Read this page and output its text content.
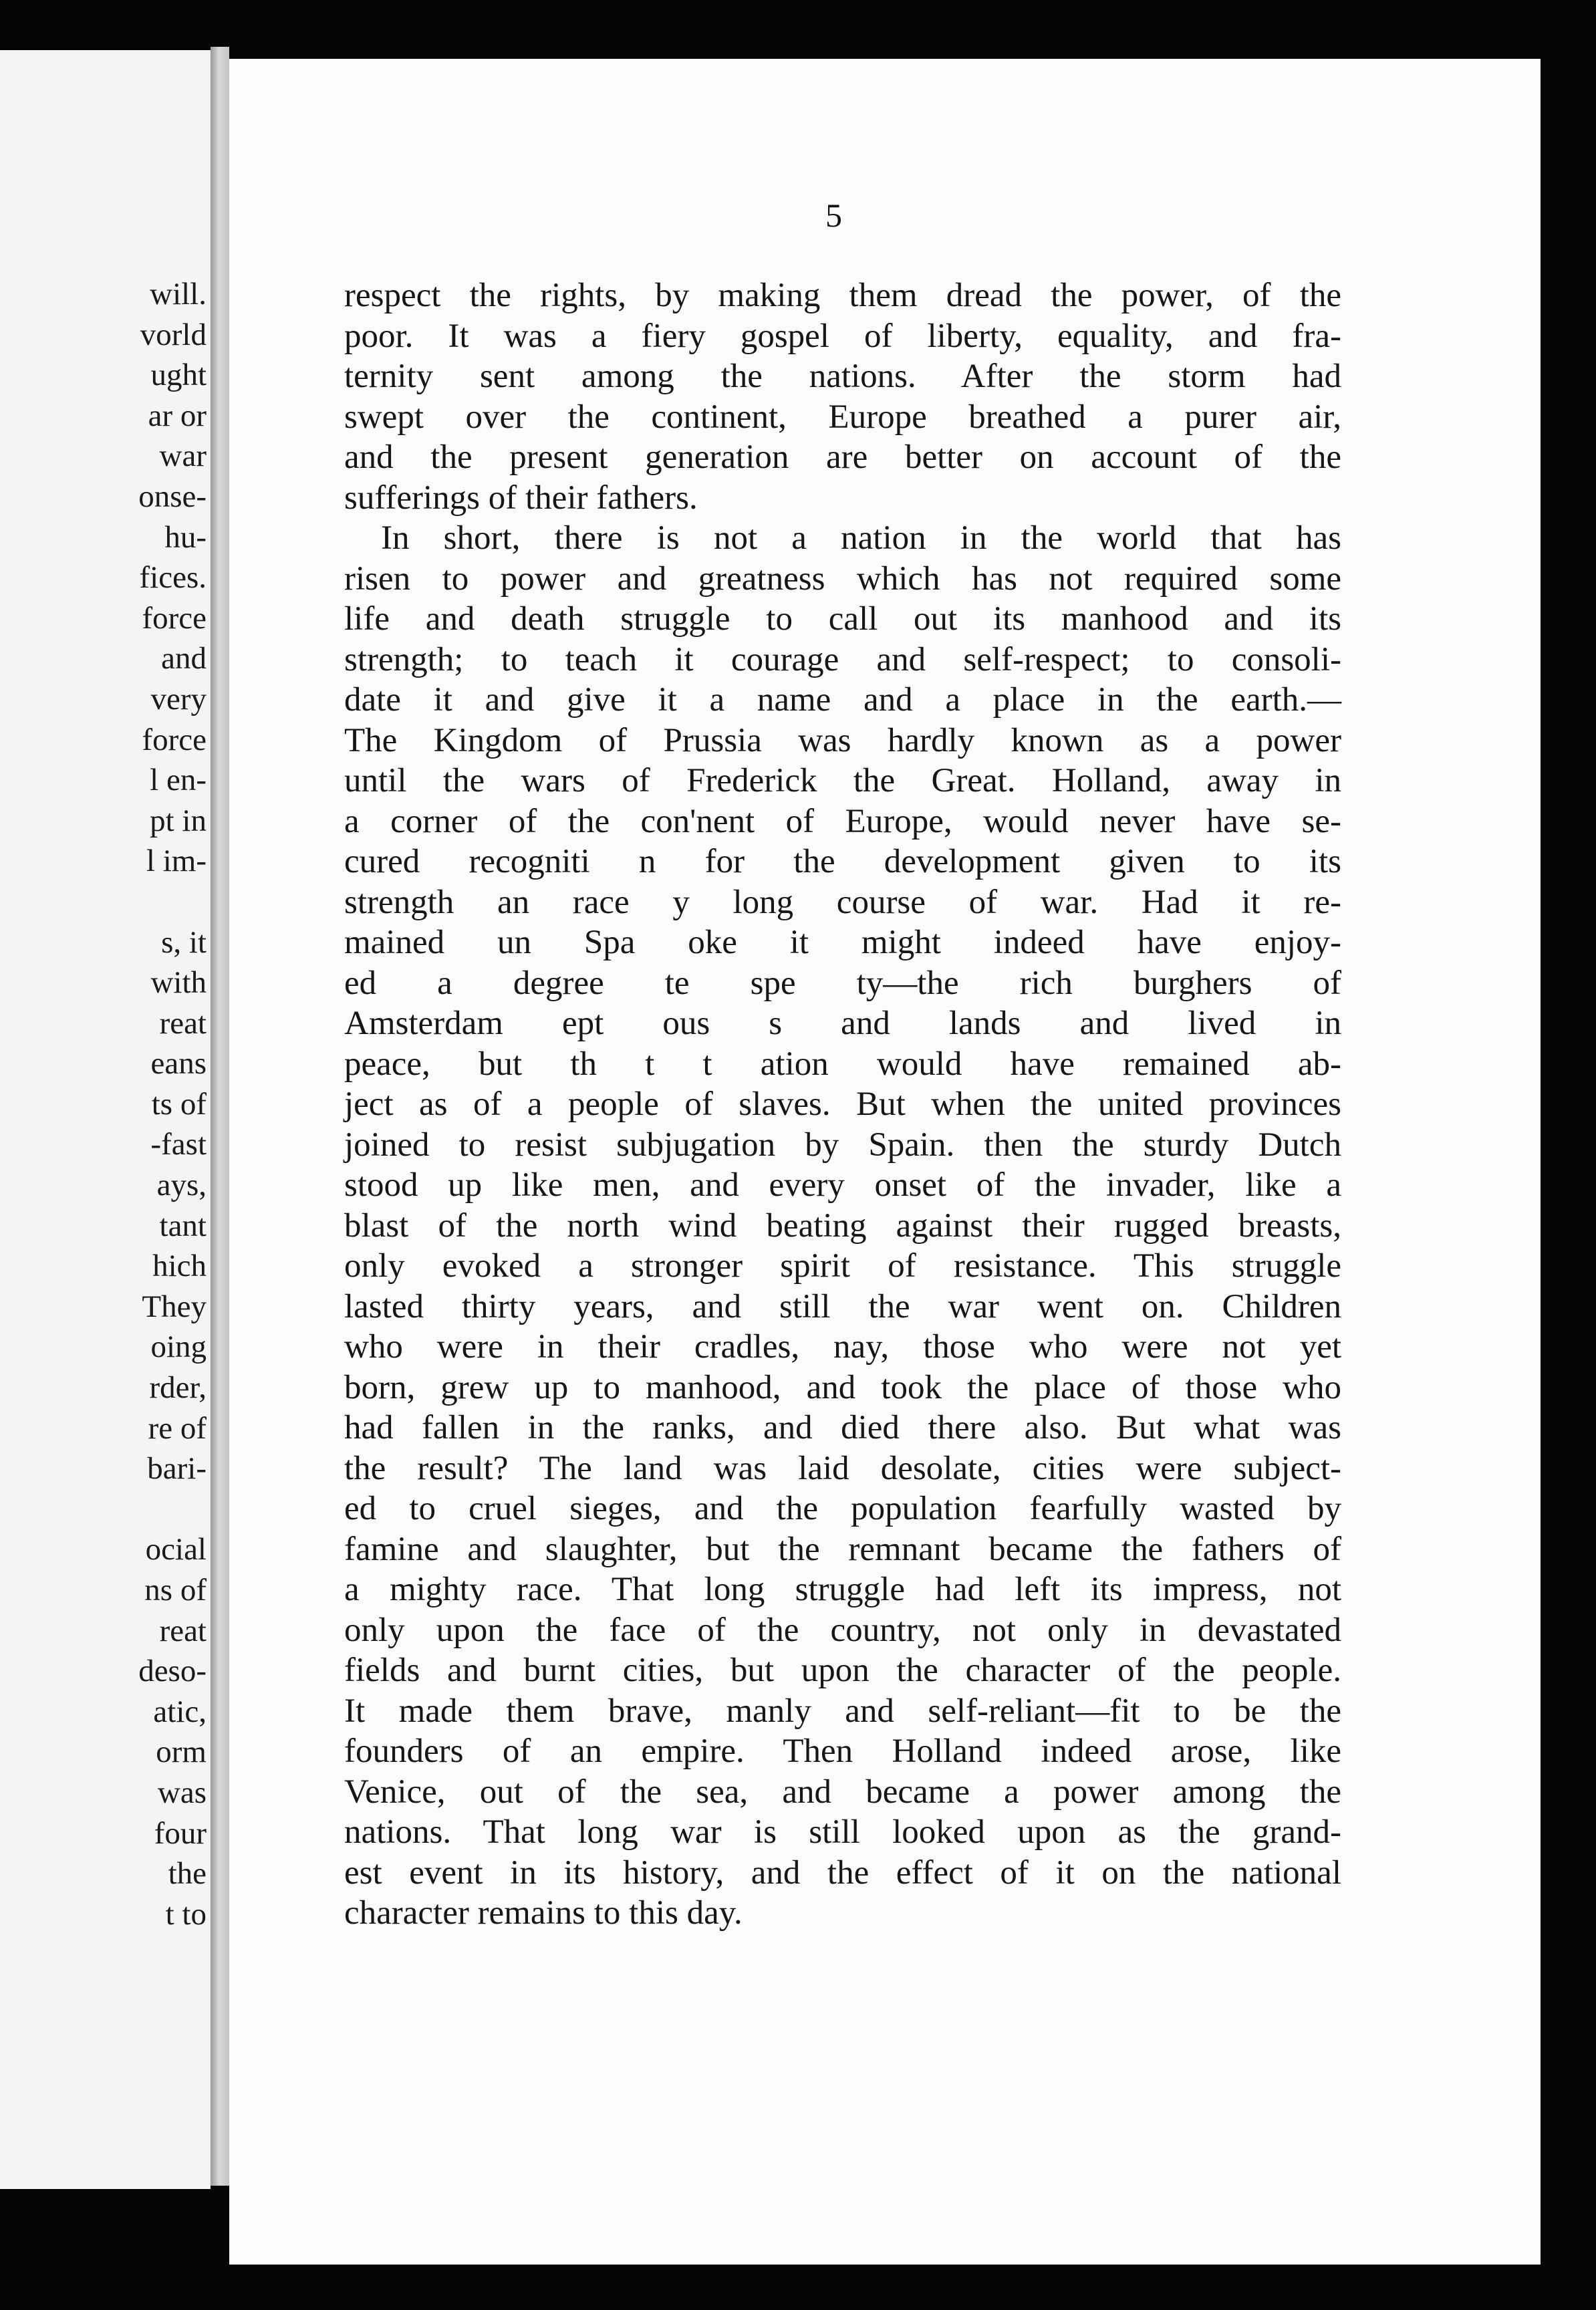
will.
vorld
ught
ar or
war
onse-
hu-
fices.
force
and
very
force
l en-
pt in
l im-
s, it
with
reat
eans
ts of
-fast
ays,
tant
hich
They
oing
rder,
re of
bari-
ocial
ns of
reat
deso-
atic,
orm
was
four
the
t to

5

respect the rights, by making them dread the power, of the
poor. It was a fiery gospel of liberty, equality, and fra-
ternity sent among the nations. After the storm had
swept over the continent, Europe breathed a purer air,
and the present generation are better on account of the
sufferings of their fathers.
In short, there is not a nation in the world that has
risen to power and greatness which has not required some
life and death struggle to call out its manhood and its
strength; to teach it courage and self-respect; to consoli-
date it and give it a name and a place in the earth.—
The Kingdom of Prussia was hardly known as a power
until the wars of Frederick the Great. Holland, away in
a corner of the con'nent of Europe, would never have se-
cured recogniti n for the development given to its
strength an race y long course of war. Had it re-
mained un Spa oke it might indeed have enjoy-
ed a degree te spe ty—the rich burghers of
Amsterdam ept ous s and lands and lived in
peace, but th t t ation would have remained ab-
ject as of a people of slaves. But when the united provinces
joined to resist subjugation by Spain. then the sturdy Dutch
stood up like men, and every onset of the invader, like a
blast of the north wind beating against their rugged breasts,
only evoked a stronger spirit of resistance. This struggle
lasted thirty years, and still the war went on. Children
who were in their cradles, nay, those who were not yet
born, grew up to manhood, and took the place of those who
had fallen in the ranks, and died there also. But what was
the result? The land was laid desolate, cities were subject-
ed to cruel sieges, and the population fearfully wasted by
famine and slaughter, but the remnant became the fathers of
a mighty race. That long struggle had left its impress, not
only upon the face of the country, not only in devastated
fields and burnt cities, but upon the character of the people.
It made them brave, manly and self-reliant—fit to be the
founders of an empire. Then Holland indeed arose, like
Venice, out of the sea, and became a power among the
nations. That long war is still looked upon as the grand-
est event in its history, and the effect of it on the national
character remains to this day.
